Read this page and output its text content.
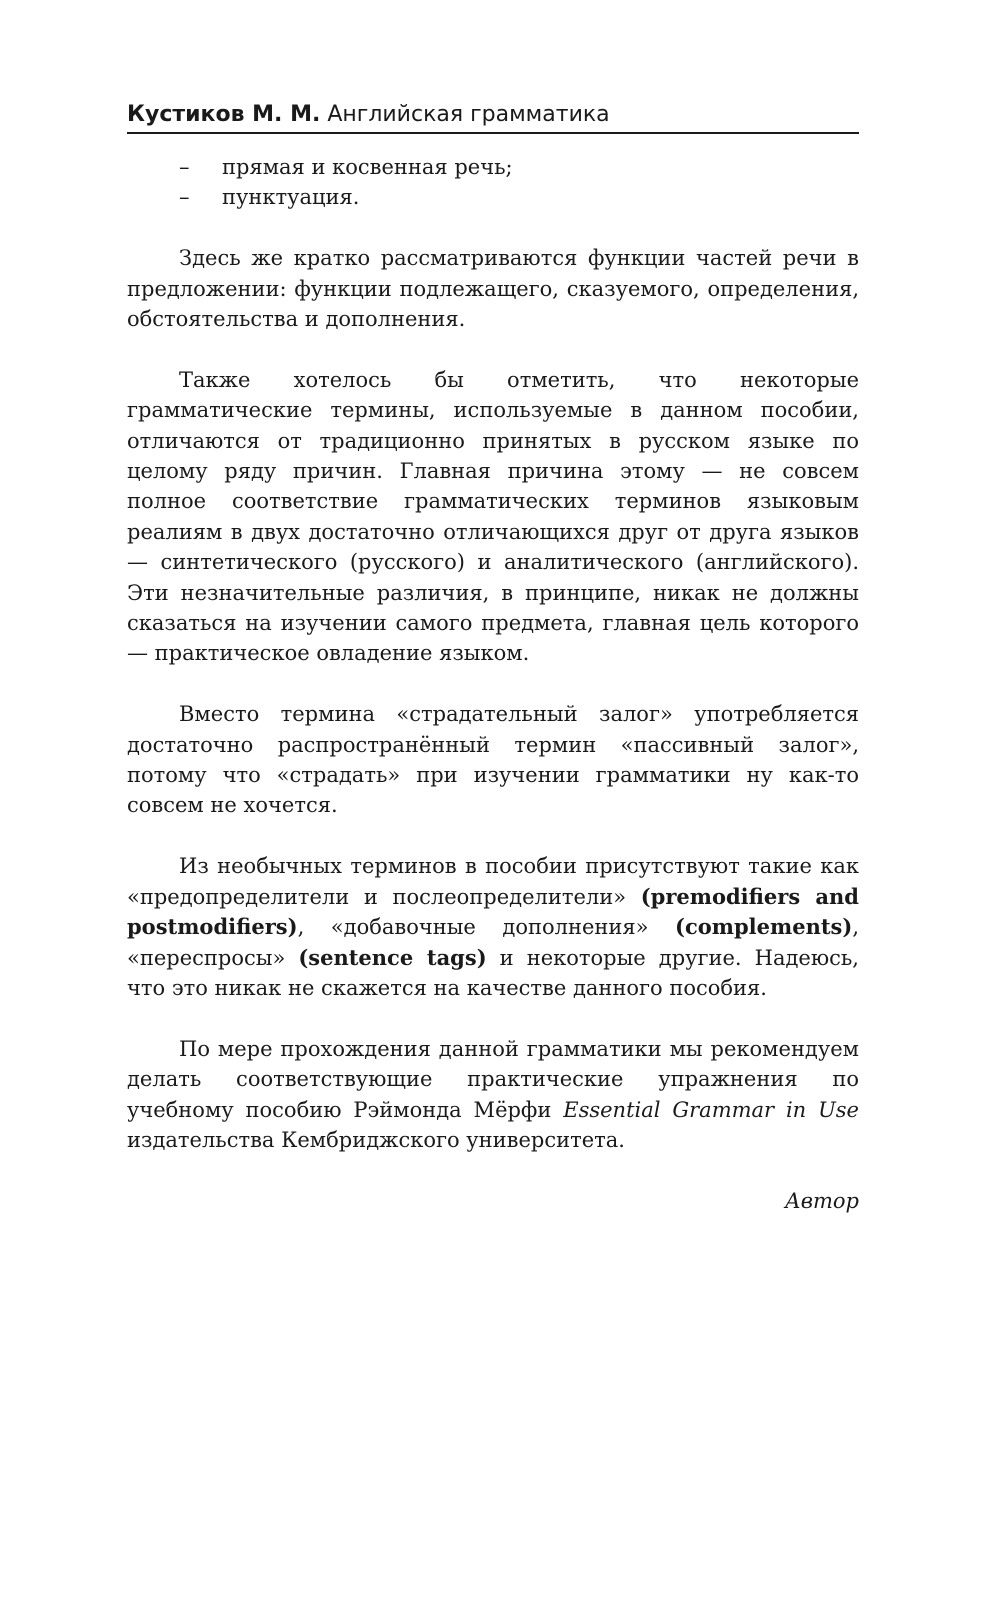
Кустиков М. М. Английская грамматика
– прямая и косвенная речь;
– пунктуация.

Здесь же кратко рассматриваются функции частей речи в предложении: функции подлежащего, сказуемого, определения, обстоятельства и дополнения.

Также хотелось бы отметить, что некоторые грамматические термины, используемые в данном пособии, отличаются от традиционно принятых в русском языке по целому ряду причин. Главная причина этому — не совсем полное соответствие грамматических терминов языковым реалиям в двух достаточно отличающихся друг от друга языков — синтетического (русского) и аналитического (английского). Эти незначительные различия, в принципе, никак не должны сказаться на изучении самого предмета, главная цель которого — практическое овладение языком.

Вместо термина «страдательный залог» употребляется достаточно распространённый термин «пассивный залог», потому что «страдать» при изучении грамматики ну как-то совсем не хочется.

Из необычных терминов в пособии присутствуют такие как «предопределители и послеопределители» (premodifiers and postmodifiers), «добавочные дополнения» (complements), «переспросы» (sentence tags) и некоторые другие. Надеюсь, что это никак не скажется на качестве данного пособия.

По мере прохождения данной грамматики мы рекомендуем делать соответствующие практические упражнения по учебному пособию Рэймонда Мёрфи Essential Grammar in Use издательства Кембриджского университета.

Автор
